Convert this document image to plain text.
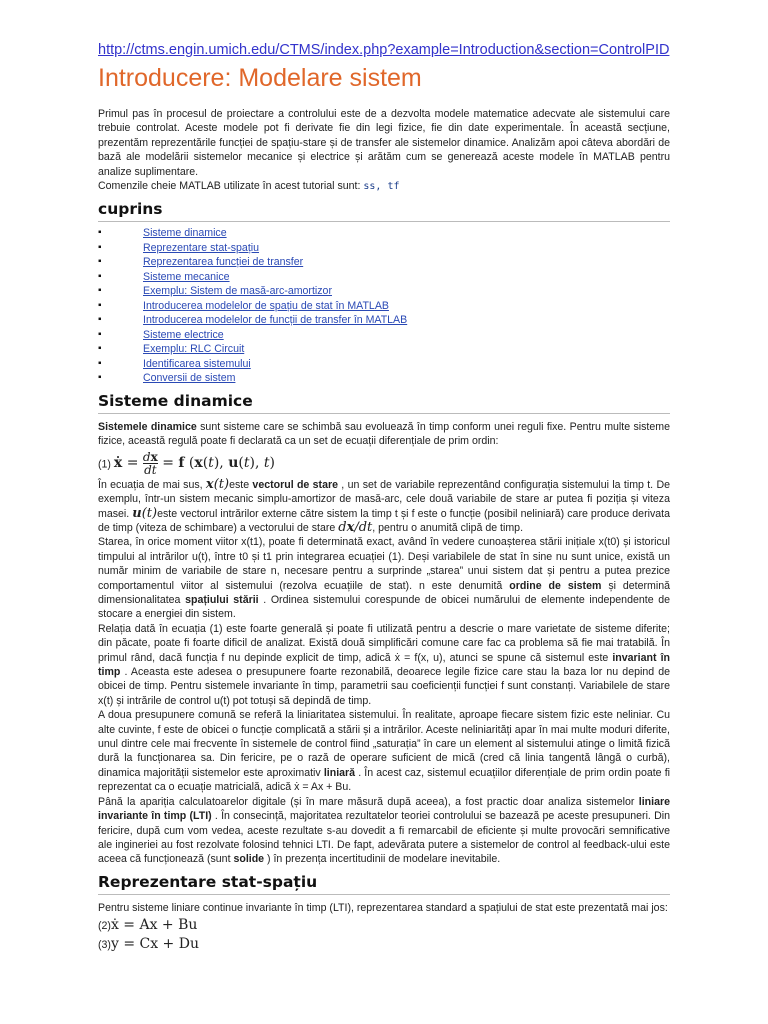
http://ctms.engin.umich.edu/CTMS/index.php?example=Introduction&section=ControlPID
Introducere: Modelare sistem

Primul pas în procesul de proiectare a controlului este de a dezvolta modele matematice adecvate ale sistemului care trebuie controlat. Aceste modele pot fi derivate fie din legi fizice, fie din date experimentale. În această secțiune, prezentăm reprezentările funcției de spațiu-stare și de transfer ale sistemelor dinamice. Analizăm apoi câteva abordări de bază ale modelării sistemelor mecanice și electrice și arătăm cum se generează aceste modele în MATLAB pentru analize suplimentare.

Comenzile cheie MATLAB utilizate în acest tutorial sunt: ss, tf

cuprins
▪ Sisteme dinamice
▪ Reprezentare stat-spațiu
▪ Reprezentarea funcției de transfer
▪ Sisteme mecanice
▪ Exemplu: Sistem de masă-arc-amortizor
▪ Introducerea modelelor de spațiu de stat în MATLAB
▪ Introducerea modelelor de funcții de transfer în MATLAB
▪ Sisteme electrice
▪ Exemplu: RLC Circuit
▪ Identificarea sistemului
▪ Conversii de sistem
Sisteme dinamice

Sistemele dinamice sunt sisteme care se schimbă sau evoluează în timp conform unei reguli fixe. Pentru multe sisteme fizice, această regulă poate fi declarată ca un set de ecuații diferențiale de prim ordin:

(1) ẋ = $\frac{dx}{dt} = f$ (x(t), u(t), t)

În ecuația de mai sus, x(t)este vectorul de stare , un set de variabile reprezentând configurația sistemului la timp t. De exemplu, într-un sistem mecanic simplu-amortizor de masă-arc, cele două variabile de stare ar putea fi poziția și viteza masei. u(t)este vectorul intrărilor externe către sistem la timp t și f este o funcție (posibil neliniară) care produce derivata de timp (viteza de schimbare) a vectorului de stare dx/dt, pentru o anumită clipă de timp.

Starea, în orice moment viitor x(t1), poate fi determinată exact, având în vedere cunoașterea stării inițiale x(t0) și istoricul timpului al intrărilor u(t), între t0 și t1 prin integrarea ecuației (1). Deși variabilele de stat în sine nu sunt unice, există un număr minim de variabile de stare n, necesare pentru a surprinde „starea” unui sistem dat și pentru a putea prezice comportamentul viitor al sistemului (rezolva ecuațiile de stat). n este denumită ordine de sistem și determină dimensionalitatea spațiului stării . Ordinea sistemului corespunde de obicei numărului de elemente independente de stocare a energiei din sistem.

Relația dată în ecuația (1) este foarte generală și poate fi utilizată pentru a descrie o mare varietate de sisteme diferite; din păcate, poate fi foarte dificil de analizat. Există două simplificări comune care fac ca problema să fie mai tratabilă. În primul rând, dacă funcția f nu depinde explicit de timp, adică ẋ = f(x, u), atunci se spune că sistemul este invariant în timp . Aceasta este adesea o presupunere foarte rezonabilă, deoarece legile fizice care stau la baza lor nu depind de obicei de timp. Pentru sistemele invariante în timp, parametrii sau coeficienții funcției f sunt constanți. Variabilele de stare x(t) și intrările de control u(t) pot totuși să depindă de timp.

A doua presupunere comună se referă la liniaritatea sistemului. În realitate, aproape fiecare sistem fizic este neliniar. Cu alte cuvinte, f este de obicei o funcție complicată a stării și a intrărilor. Aceste neliniarități apar în mai multe moduri diferite, unul dintre cele mai frecvente în sistemele de control fiind „saturația” în care un element al sistemului atinge o limită fizică dură la funcționarea sa. Din fericire, pe o rază de operare suficient de mică (cred că linia tangentă lângă o curbă), dinamica majorității sistemelor este aproximativ liniară . În acest caz, sistemul ecuațiilor diferențiale de prim ordin poate fi reprezentat ca o ecuație matricială, adică ẋ = Ax + Bu.

Până la apariția calculatoarelor digitale (și în mare măsură după aceea), a fost practic doar analiza sistemelor liniare invariante în timp (LTI) . În consecință, majoritatea rezultatelor teoriei controlului se bazează pe aceste presupuneri. Din fericire, după cum vom vedea, aceste rezultate s-au dovedit a fi remarcabil de eficiente și multe provocări semnificative ale ingineriei au fost rezolvate folosind tehnici LTI. De fapt, adevărata putere a sistemelor de control al feedback-ului este aceea că funcționează (sunt solide ) în prezența incertitudinii de modelare inevitabile.

Reprezentare stat-spațiu

Pentru sisteme liniare continue invariante în timp (LTI), reprezentarea standard a spațiului de stat este prezentată mai jos:

(2)ẋ = Ax + Bu
(3)y = Cx + Du
